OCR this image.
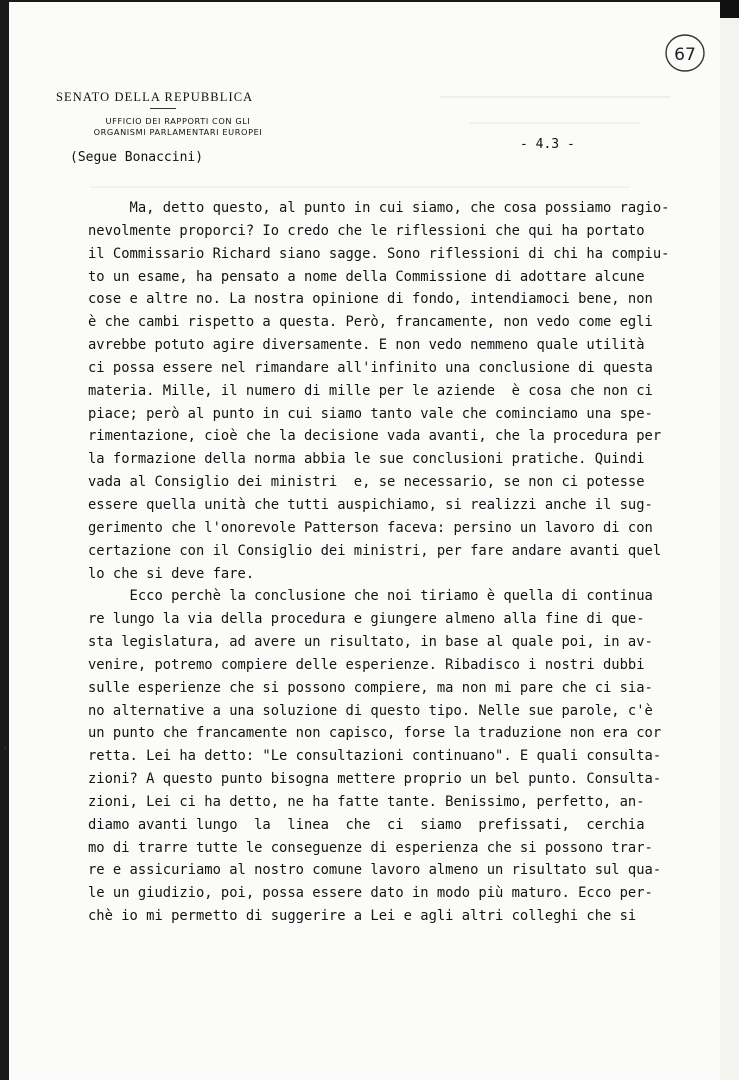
SENATO DELLA REPUBBLICA
UFFICIO DEI RAPPORTI CON GLI
ORGANISMI PARLAMENTARI EUROPEI
67
(Segue Bonaccini)
- 4.3 -
Ma, detto questo, al punto in cui siamo, che cosa possiamo ragio-
nevolmente proporci? Io credo che le riflessioni che qui ha portato
il Commissario Richard siano sagge. Sono riflessioni di chi ha compiu-
to un esame, ha pensato a nome della Commissione di adottare alcune
cose e altre no. La nostra opinione di fondo, intendiamoci bene, non
è che cambi rispetto a questa. Però, francamente, non vedo come egli
avrebbe potuto agire diversamente. E non vedo nemmeno quale utilità
ci possa essere nel rimandare all'infinito una conclusione di questa
materia. Mille, il numero di mille per le aziende  è cosa che non ci
piace; però al punto in cui siamo tanto vale che cominciamo una spe-
rimentazione, cioè che la decisione vada avanti, che la procedura per
la formazione della norma abbia le sue conclusioni pratiche. Quindi
vada al Consiglio dei ministri  e, se necessario, se non ci potesse
essere quella unità che tutti auspichiamo, si realizzi anche il sug-
gerimento che l'onorevole Patterson faceva: persino un lavoro di con
certazione con il Consiglio dei ministri, per fare andare avanti quel
lo che si deve fare.
Ecco perchè la conclusione che noi tiriamo è quella di continua
re lungo la via della procedura e giungere almeno alla fine di que-
sta legislatura, ad avere un risultato, in base al quale poi, in av-
venire, potremo compiere delle esperienze. Ribadisco i nostri dubbi
sulle esperienze che si possono compiere, ma non mi pare che ci sia-
no alternative a una soluzione di questo tipo. Nelle sue parole, c'è
un punto che francamente non capisco, forse la traduzione non era cor
retta. Lei ha detto: "Le consultazioni continuano". E quali consulta-
zioni? A questo punto bisogna mettere proprio un bel punto. Consulta-
zioni, Lei ci ha detto, ne ha fatte tante. Benissimo, perfetto, an-
diamo avanti lungo  la  linea  che  ci  siamo  prefissati,  cerchia
mo di trarre tutte le conseguenze di esperienza che si possono trar-
re e assicuriamo al nostro comune lavoro almeno un risultato sul qua-
le un giudizio, poi, possa essere dato in modo più maturo. Ecco per-
chè io mi permetto di suggerire a Lei e agli altri colleghi che si
'
